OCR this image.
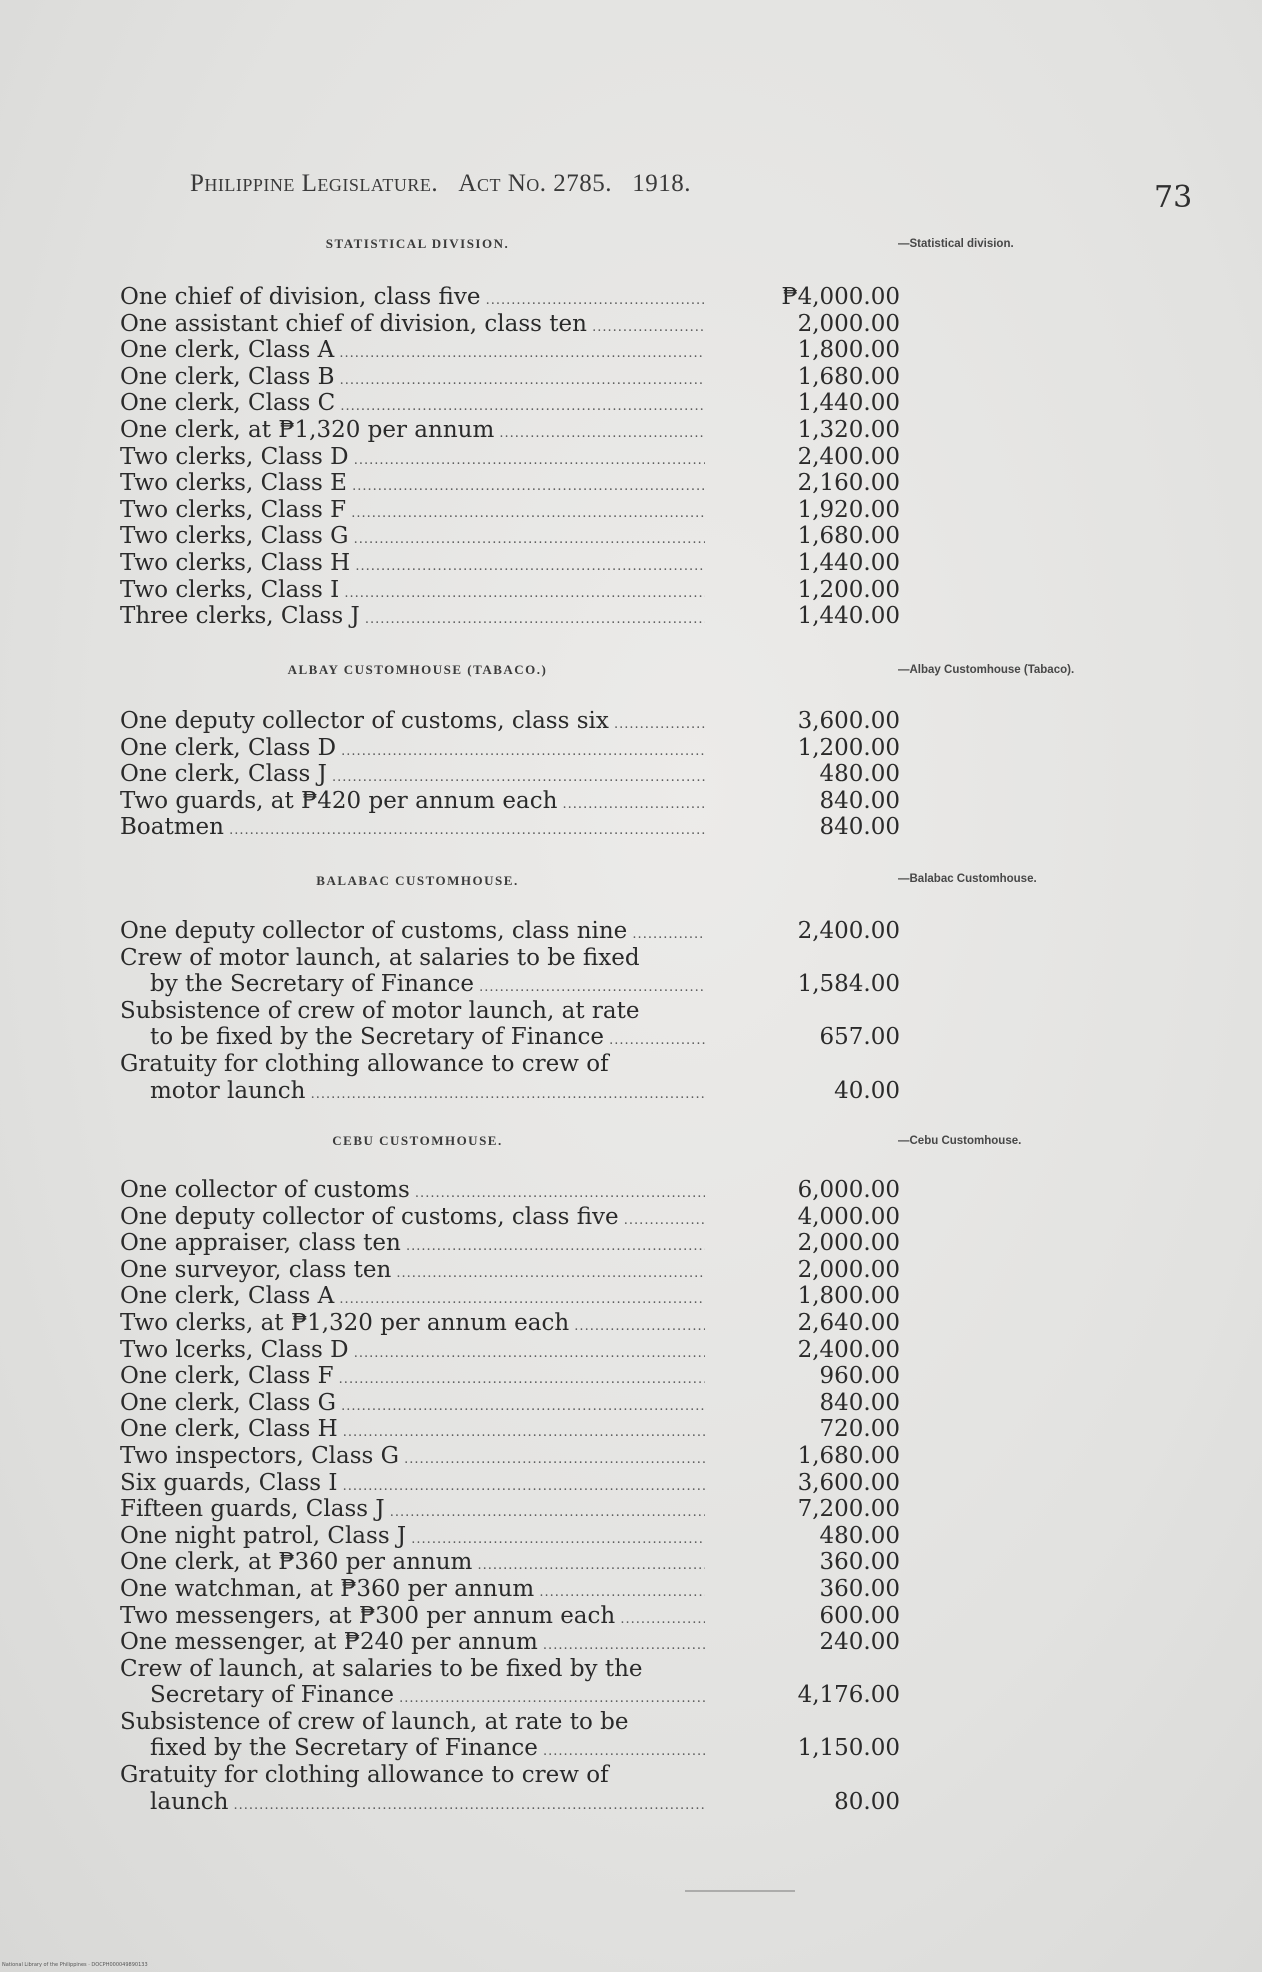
Philippine Legislature. Act No. 2785. 1918.	73
STATISTICAL DIVISION.	—Statistical division.
One chief of division, class five .....	₱4,000.00
One assistant chief of division, class ten .....	2,000.00
One clerk, Class A .....	1,800.00
One clerk, Class B .....	1,680.00
One clerk, Class C .....	1,440.00
One clerk, at ₱1,320 per annum .....	1,320.00
Two clerks, Class D .....	2,400.00
Two clerks, Class E .....	2,160.00
Two clerks, Class F .....	1,920.00
Two clerks, Class G .....	1,680.00
Two clerks, Class H .....	1,440.00
Two clerks, Class I .....	1,200.00
Three clerks, Class J .....	1,440.00
ALBAY CUSTOMHOUSE (TABACO.)	—Albay Customhouse (Tabaco).
One deputy collector of customs, class six .....	3,600.00
One clerk, Class D .....	1,200.00
One clerk, Class J .....	480.00
Two guards, at ₱420 per annum each .....	840.00
Boatmen .....	840.00
BALABAC CUSTOMHOUSE.	—Balabac Customhouse.
One deputy collector of customs, class nine .....	2,400.00
Crew of motor launch, at salaries to be fixed
by the Secretary of Finance .....	1,584.00
Subsistence of crew of motor launch, at rate
to be fixed by the Secretary of Finance .....	657.00
Gratuity for clothing allowance to crew of
motor launch .....	40.00
CEBU CUSTOMHOUSE.	—Cebu Customhouse.
One collector of customs .....	6,000.00
One deputy collector of customs, class five .....	4,000.00
One appraiser, class ten .....	2,000.00
One surveyor, class ten .....	2,000.00
One clerk, Class A .....	1,800.00
Two clerks, at ₱1,320 per annum each .....	2,640.00
Two lcerks, Class D .....	2,400.00
One clerk, Class F .....	960.00
One clerk, Class G .....	840.00
One clerk, Class H .....	720.00
Two inspectors, Class G .....	1,680.00
Six guards, Class I .....	3,600.00
Fifteen guards, Class J .....	7,200.00
One night patrol, Class J .....	480.00
One clerk, at ₱360 per annum .....	360.00
One watchman, at ₱360 per annum .....	360.00
Two messengers, at ₱300 per annum each .....	600.00
One messenger, at ₱240 per annum .....	240.00
Crew of launch, at salaries to be fixed by the
Secretary of Finance .....	4,176.00
Subsistence of crew of launch, at rate to be
fixed by the Secretary of Finance .....	1,150.00
Gratuity for clothing allowance to crew of
launch .....	80.00
National Library of the Philippines · DOCPH000049890133
